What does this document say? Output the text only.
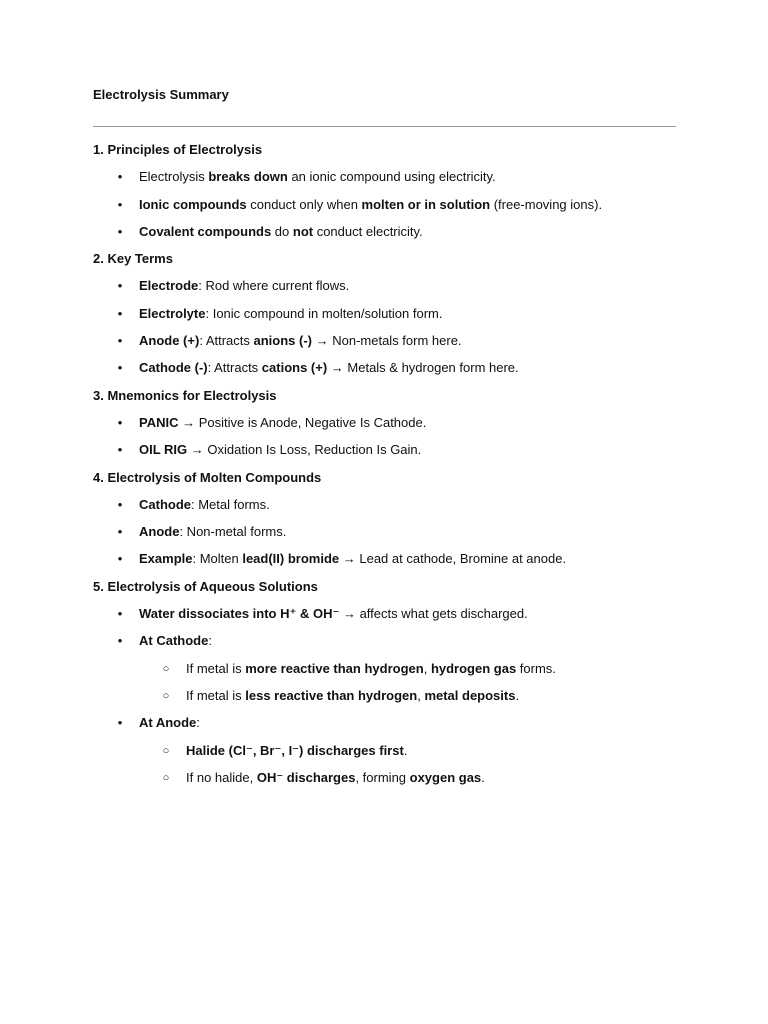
Electrolysis Summary
1. Principles of Electrolysis
• Electrolysis breaks down an ionic compound using electricity.
• Ionic compounds conduct only when molten or in solution (free-moving ions).
• Covalent compounds do not conduct electricity.
2. Key Terms
• Electrode: Rod where current flows.
• Electrolyte: Ionic compound in molten/solution form.
• Anode (+): Attracts anions (-) → Non-metals form here.
• Cathode (-): Attracts cations (+) → Metals & hydrogen form here.
3. Mnemonics for Electrolysis
• PANIC → Positive is Anode, Negative Is Cathode.
• OIL RIG → Oxidation Is Loss, Reduction Is Gain.
4. Electrolysis of Molten Compounds
• Cathode: Metal forms.
• Anode: Non-metal forms.
• Example: Molten lead(II) bromide → Lead at cathode, Bromine at anode.
5. Electrolysis of Aqueous Solutions
• Water dissociates into H⁺ & OH⁻ → affects what gets discharged.
• At Cathode:
○ If metal is more reactive than hydrogen, hydrogen gas forms.
○ If metal is less reactive than hydrogen, metal deposits.
• At Anode:
○ Halide (Cl⁻, Br⁻, I⁻) discharges first.
○ If no halide, OH⁻ discharges, forming oxygen gas.
